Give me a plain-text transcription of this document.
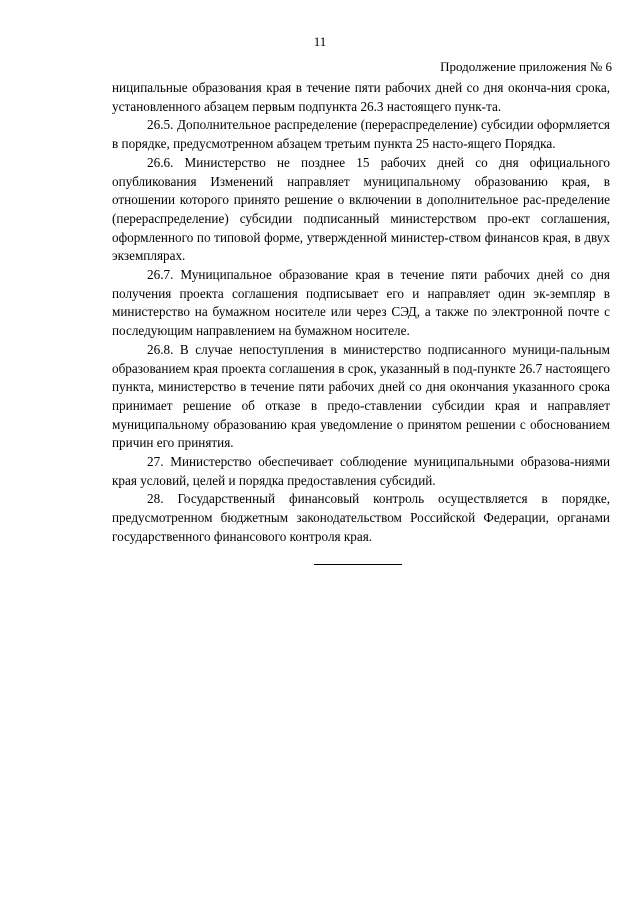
11
Продолжение приложения № 6

ниципальные образования края в течение пяти рабочих дней со дня оконча-ния срока, установленного абзацем первым подпункта 26.3 настоящего пунк-та.

26.5. Дополнительное распределение (перераспределение) субсидии оформляется в порядке, предусмотренном абзацем третьим пункта 25 насто-ящего Порядка.

26.6. Министерство не позднее 15 рабочих дней со дня официального опубликования Изменений направляет муниципальному образованию края, в отношении которого принято решение о включении в дополнительное рас-пределение (перераспределение) субсидии подписанный министерством про-ект соглашения, оформленного по типовой форме, утвержденной министер-ством финансов края, в двух экземплярах.

26.7. Муниципальное образование края в течение пяти рабочих дней со дня получения проекта соглашения подписывает его и направляет один эк-земпляр в министерство на бумажном носителе или через СЭД, а также по электронной почте с последующим направлением на бумажном носителе.

26.8. В случае непоступления в министерство подписанного муници-пальным образованием края проекта соглашения в срок, указанный в под-пункте 26.7 настоящего пункта, министерство в течение пяти рабочих дней со дня окончания указанного срока принимает решение об отказе в предо-ставлении субсидии края и направляет муниципальному образованию края уведомление о принятом решении с обоснованием причин его принятия.

27. Министерство обеспечивает соблюдение муниципальными образова-ниями края условий, целей и порядка предоставления субсидий.

28. Государственный финансовый контроль осуществляется в порядке, предусмотренном бюджетным законодательством Российской Федерации, органами государственного финансового контроля края.
